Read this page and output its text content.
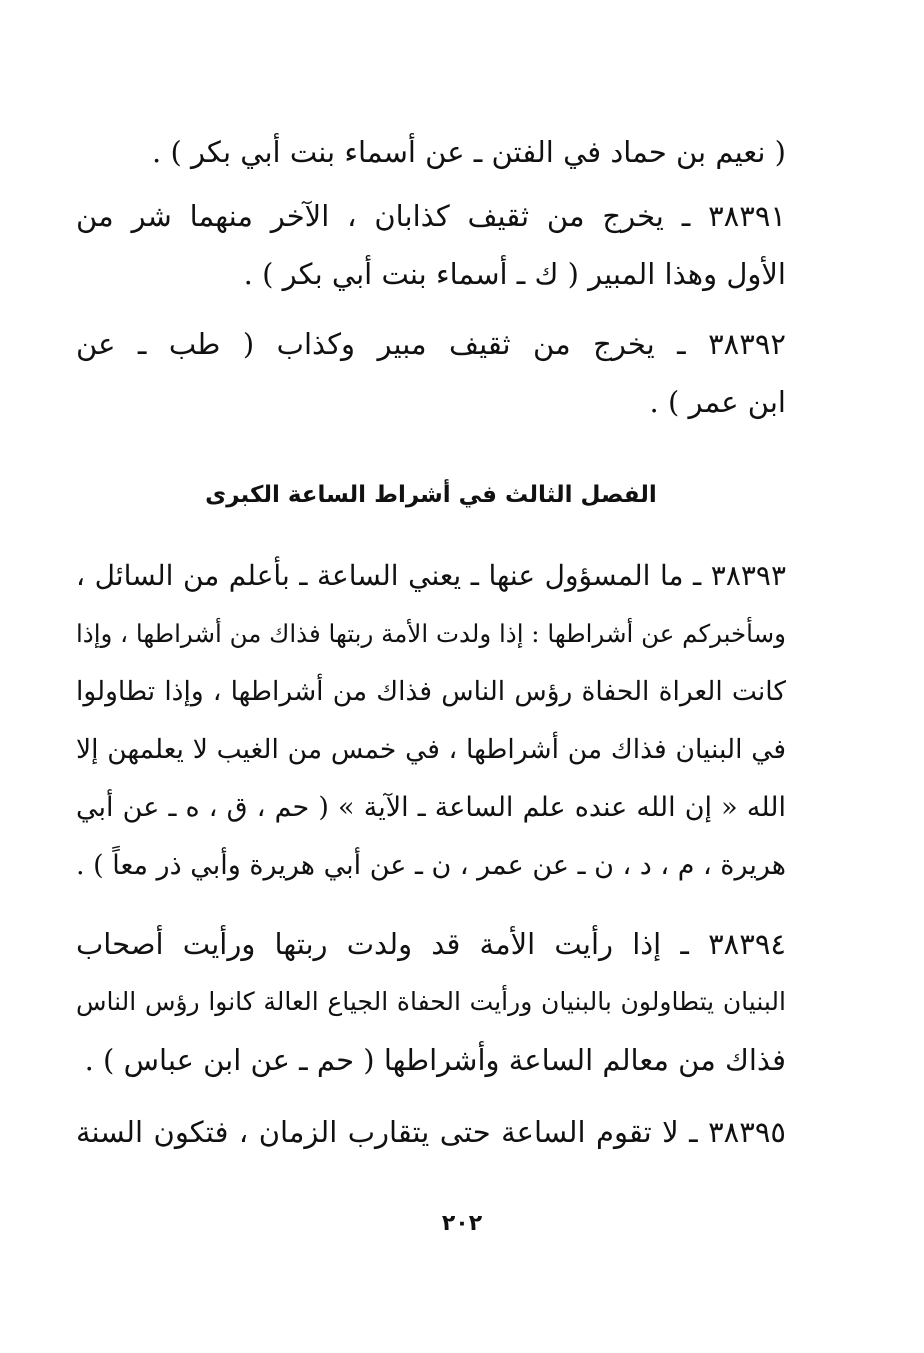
( نعيم بن حماد في الفتن ـ عن أسماء بنت أبي بكر ) .
٣٨٣٩١ ـ يخرج من ثقيف كذابان ، الآخر منهما شر من
الأول وهذا المبير ( ك ـ أسماء بنت أبي بكر ) .
٣٨٣٩٢ ـ يخرج من ثقيف مبير وكذاب ( طب ـ عن
ابن عمر ) .
الفصل الثالث في أشراط الساعة الكبرى
٣٨٣٩٣ ـ ما المسؤول عنها ـ يعني الساعة ـ بأعلم من السائل ،
وسأخبركم عن أشراطها : إذا ولدت الأمة ربتها فذاك من أشراطها ، وإذا
كانت العراة الحفاة رؤس الناس فذاك من أشراطها ، وإذا تطاولوا
في البنيان فذاك من أشراطها ، في خمس من الغيب لا يعلمهن إلا
الله « إن الله عنده علم الساعة ـ الآية » ( حم ، ق ، ه ـ عن أبي
هريرة ، م ، د ، ن ـ عن عمر ، ن ـ عن أبي هريرة وأبي ذر معاً ) .
٣٨٣٩٤ ـ إذا رأيت الأمة قد ولدت ربتها ورأيت أصحاب
البنيان يتطاولون بالبنيان ورأيت الحفاة الجياع العالة كانوا رؤس الناس
فذاك من معالم الساعة وأشراطها ( حم ـ عن ابن عباس ) .
٣٨٣٩٥ ـ لا تقوم الساعة حتى يتقارب الزمان ، فتكون السنة
٢٠٢
